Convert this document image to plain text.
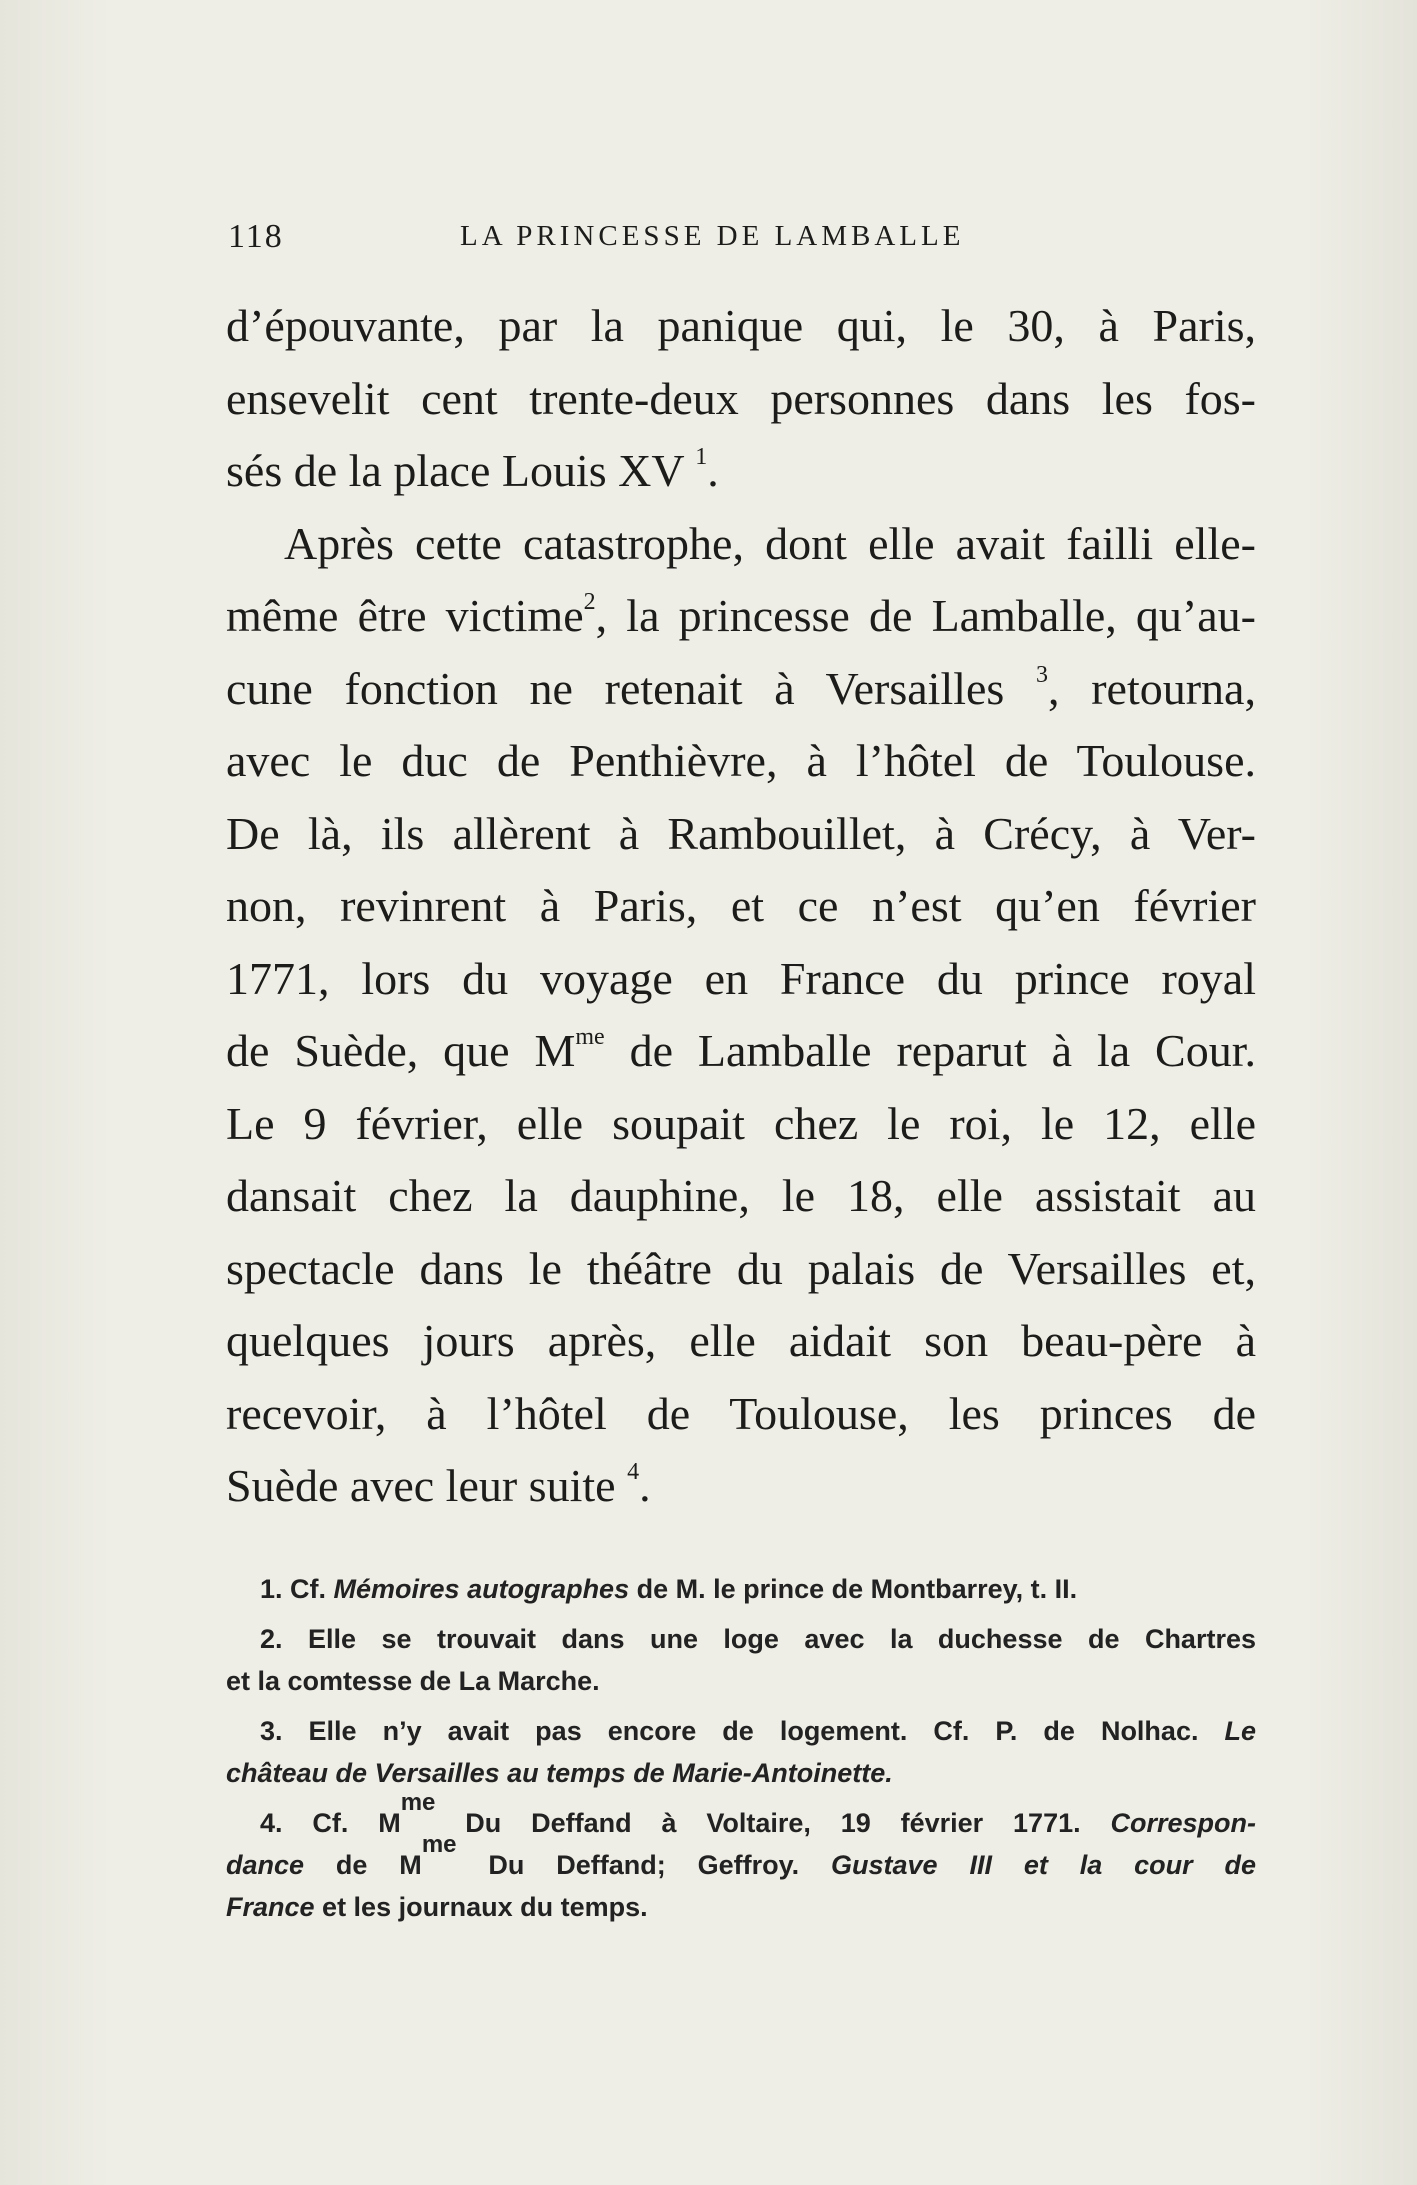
118	LA PRINCESSE DE LAMBALLE
d’épouvante, par la panique qui, le 30, à Paris,
ensevelit cent trente-deux personnes dans les fos-
sés de la place Louis XV $^1$.
Après cette catastrophe, dont elle avait failli elle-
même être victime$^2$, la princesse de Lamballe, qu’au-
cune fonction ne retenait à Versailles $^3$, retourna,
avec le duc de Penthièvre, à l’hôtel de Toulouse.
De là, ils allèrent à Rambouillet, à Crécy, à Ver-
non, revinrent à Paris, et ce n’est qu’en février
1771, lors du voyage en France du prince royal
de Suède, que $M^{me}$ de Lamballe reparut à la Cour.
Le 9 février, elle soupait chez le roi, le 12, elle
dansait chez la dauphine, le 18, elle assistait au
spectacle dans le théâtre du palais de Versailles et,
quelques jours après, elle aidait son beau-père à
recevoir, à l’hôtel de Toulouse, les princes de
Suède avec leur suite $^4$.
1. Cf. Mémoires autographes de M. le prince de Montbarrey, t. II.
2. Elle se trouvait dans une loge avec la duchesse de Chartres
et la comtesse de La Marche.
3. Elle n’y avait pas encore de logement. Cf. P. de Nolhac. Le
château de Versailles au temps de Marie-Antoinette.
4. Cf. $M^{me}$ Du Deffand à Voltaire, 19 février 1771. Correspon-
dance de $M^{me}$ Du Deffand; Geffroy. Gustave III et la cour de
France et les journaux du temps.
